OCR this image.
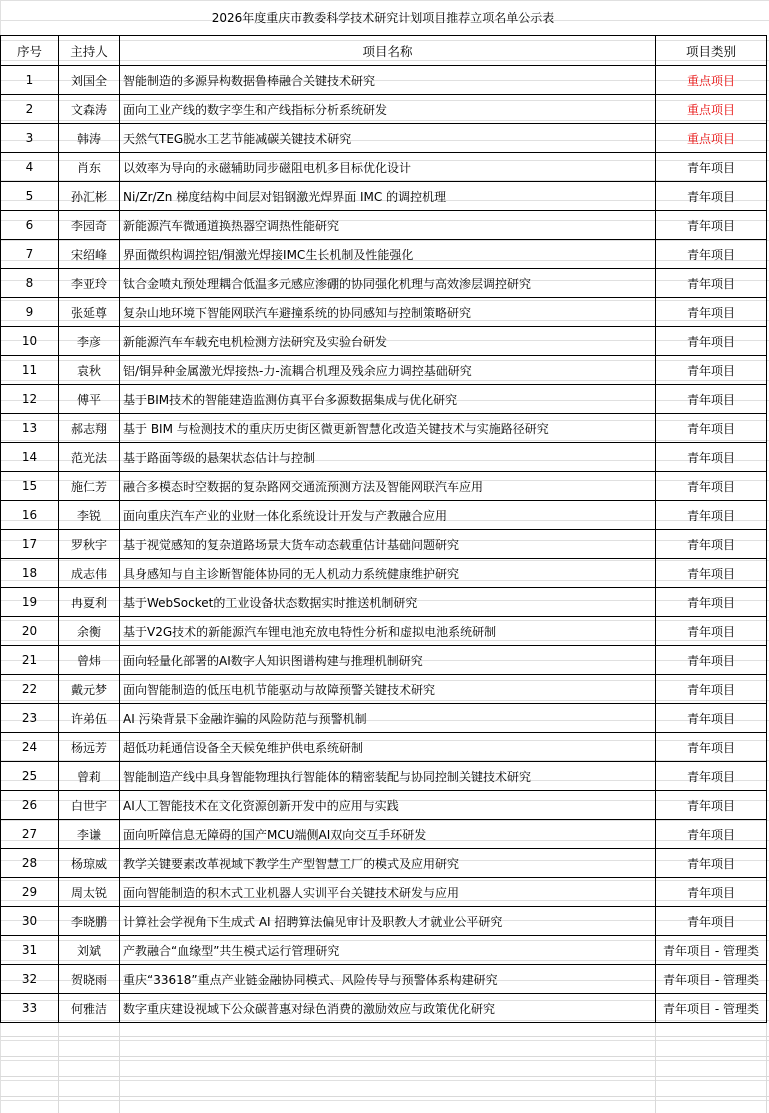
2026年度重庆市教委科学技术研究计划项目推荐立项名单公示表
序号	主持人	项目名称	项目类别
1	刘国全	智能制造的多源异构数据鲁棒融合关键技术研究	重点项目
2	文森涛	面向工业产线的数字孪生和产线指标分析系统研发	重点项目
3	韩涛	天然气TEG脱水工艺节能减碳关键技术研究	重点项目
4	肖东	以效率为导向的永磁辅助同步磁阻电机多目标优化设计	青年项目
5	孙汇彬	Ni/Zr/Zn 梯度结构中间层对铝钢激光焊界面 IMC 的调控机理	青年项目
6	李园奇	新能源汽车微通道换热器空调热性能研究	青年项目
7	宋绍峰	界面微织构调控铝/铜激光焊接IMC生长机制及性能强化	青年项目
8	李亚玲	钛合金喷丸预处理耦合低温多元感应渗硼的协同强化机理与高效渗层调控研究	青年项目
9	张延尊	复杂山地环境下智能网联汽车避撞系统的协同感知与控制策略研究	青年项目
10	李彦	新能源汽车车载充电机检测方法研究及实验台研发	青年项目
11	袁秋	铝/铜异种金属激光焊接热-力-流耦合机理及残余应力调控基础研究	青年项目
12	傅平	基于BIM技术的智能建造监测仿真平台多源数据集成与优化研究	青年项目
13	郝志翔	基于 BIM 与检测技术的重庆历史街区微更新智慧化改造关键技术与实施路径研究	青年项目
14	范光法	基于路面等级的悬架状态估计与控制	青年项目
15	施仁芳	融合多模态时空数据的复杂路网交通流预测方法及智能网联汽车应用	青年项目
16	李锐	面向重庆汽车产业的业财一体化系统设计开发与产教融合应用	青年项目
17	罗秋宇	基于视觉感知的复杂道路场景大货车动态载重估计基础问题研究	青年项目
18	成志伟	具身感知与自主诊断智能体协同的无人机动力系统健康维护研究	青年项目
19	冉夏利	基于WebSocket的工业设备状态数据实时推送机制研究	青年项目
20	余衡	基于V2G技术的新能源汽车锂电池充放电特性分析和虚拟电池系统研制	青年项目
21	曾炜	面向轻量化部署的AI数字人知识图谱构建与推理机制研究	青年项目
22	戴元梦	面向智能制造的低压电机节能驱动与故障预警关键技术研究	青年项目
23	许弟伍	AI 污染背景下金融诈骗的风险防范与预警机制	青年项目
24	杨远芳	超低功耗通信设备全天候免维护供电系统研制	青年项目
25	曾莉	智能制造产线中具身智能物理执行智能体的精密装配与协同控制关键技术研究	青年项目
26	白世宇	AI人工智能技术在文化资源创新开发中的应用与实践	青年项目
27	李谦	面向听障信息无障碍的国产MCU端侧AI双向交互手环研发	青年项目
28	杨琼威	教学关键要素改革视域下教学生产型智慧工厂的模式及应用研究	青年项目
29	周太锐	面向智能制造的积木式工业机器人实训平台关键技术研发与应用	青年项目
30	李晓鹏	计算社会学视角下生成式 AI 招聘算法偏见审计及职教人才就业公平研究	青年项目
31	刘斌	产教融合“血缘型”共生模式运行管理研究	青年项目 - 管理类
32	贺晓雨	重庆“33618”重点产业链金融协同模式、风险传导与预警体系构建研究	青年项目 - 管理类
33	何雅洁	数字重庆建设视域下公众碳普惠对绿色消费的激励效应与政策优化研究	青年项目 - 管理类
